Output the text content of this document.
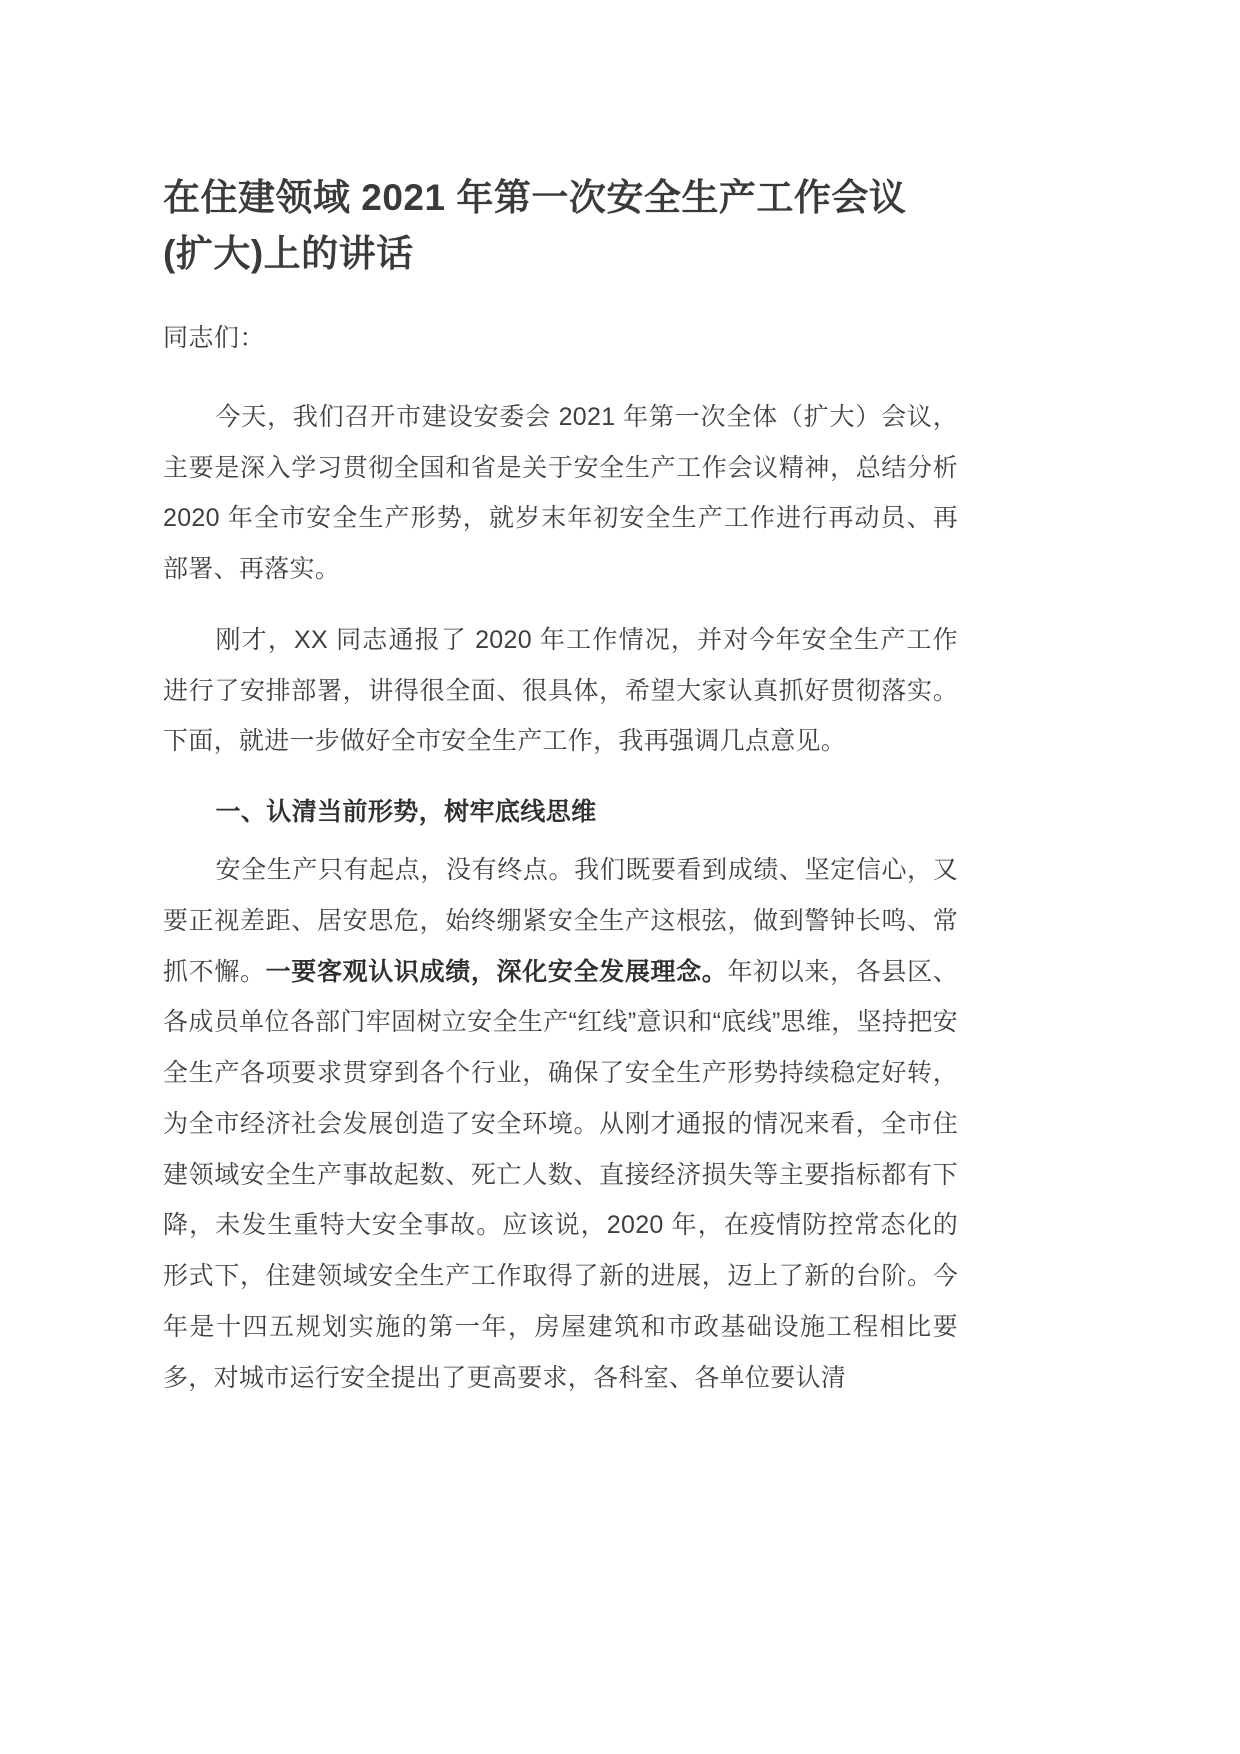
在住建领域 2021 年第一次安全生产工作会议(扩大)上的讲话

同志们：

今天，我们召开市建设安委会 2021 年第一次全体（扩大）会议，主要是深入学习贯彻全国和省是关于安全生产工作会议精神，总结分析 2020 年全市安全生产形势，就岁末年初安全生产工作进行再动员、再部署、再落实。

刚才，XX 同志通报了 2020 年工作情况，并对今年安全生产工作进行了安排部署，讲得很全面、很具体，希望大家认真抓好贯彻落实。下面，就进一步做好全市安全生产工作，我再强调几点意见。

一、认清当前形势，树牢底线思维

安全生产只有起点，没有终点。我们既要看到成绩、坚定信心，又要正视差距、居安思危，始终绷紧安全生产这根弦，做到警钟长鸣、常抓不懈。一要客观认识成绩，深化安全发展理念。年初以来，各县区、各成员单位各部门牢固树立安全生产“红线”意识和“底线”思维，坚持把安全生产各项要求贯穿到各个行业，确保了安全生产形势持续稳定好转，为全市经济社会发展创造了安全环境。从刚才通报的情况来看，全市住建领域安全生产事故起数、死亡人数、直接经济损失等主要指标都有下降，未发生重特大安全事故。应该说，2020 年，在疫情防控常态化的形式下，住建领域安全生产工作取得了新的进展，迈上了新的台阶。今年是十四五规划实施的第一年，房屋建筑和市政基础设施工程相比要多，对城市运行安全提出了更高要求，各科室、各单位要认清
